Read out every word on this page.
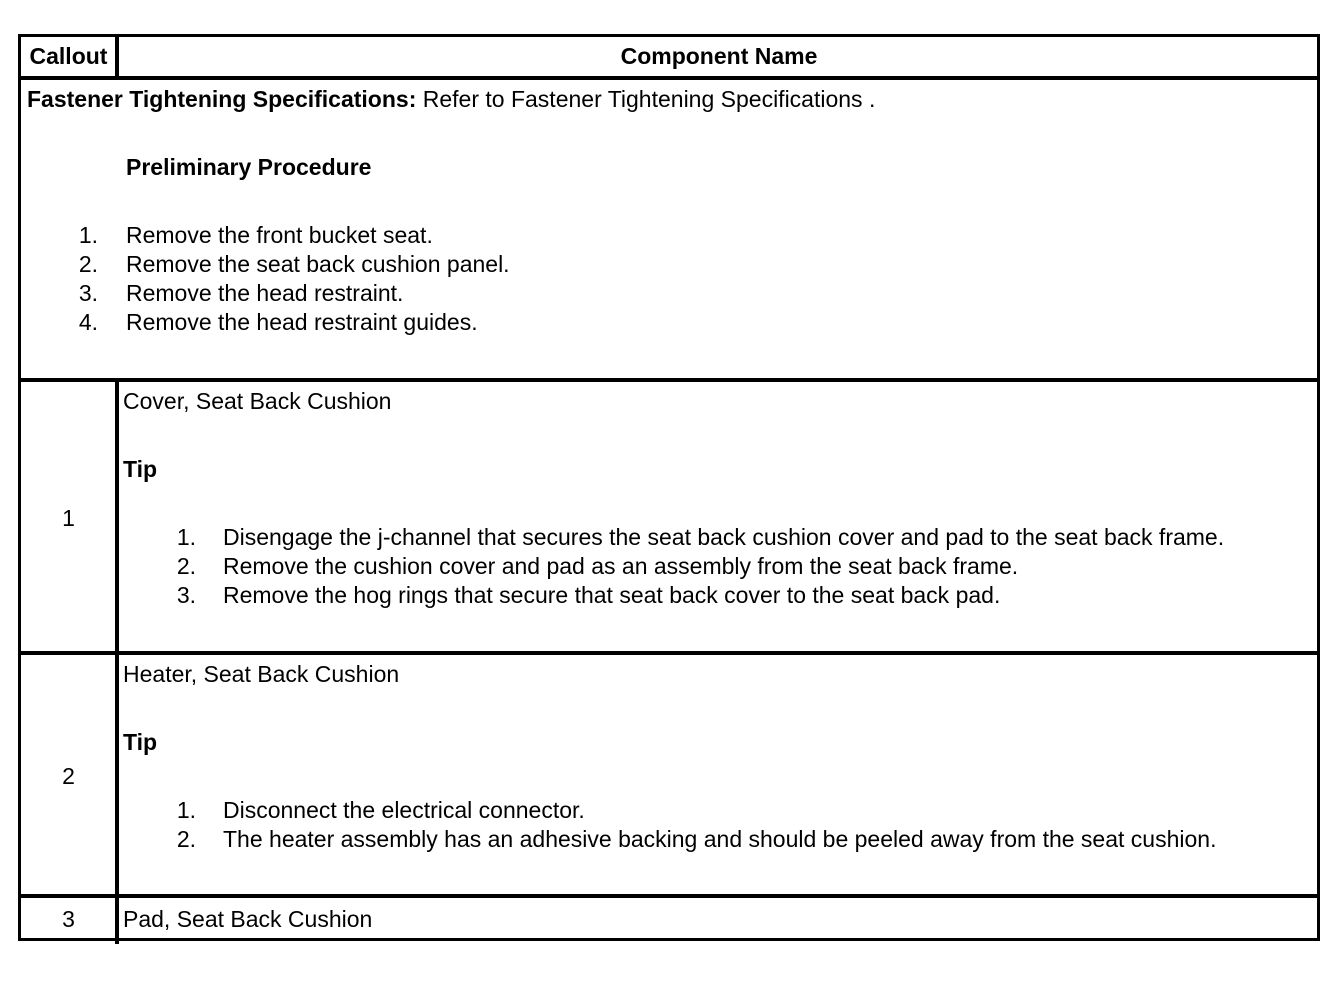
Callout	Component Name
Fastener Tightening Specifications: Refer to Fastener Tightening Specifications .
Preliminary Procedure
1. Remove the front bucket seat.
2. Remove the seat back cushion panel.
3. Remove the head restraint.
4. Remove the head restraint guides.
1
Cover, Seat Back Cushion
Tip
1. Disengage the j-channel that secures the seat back cushion cover and pad to the seat back frame.
2. Remove the cushion cover and pad as an assembly from the seat back frame.
3. Remove the hog rings that secure that seat back cover to the seat back pad.
2
Heater, Seat Back Cushion
Tip
1. Disconnect the electrical connector.
2. The heater assembly has an adhesive backing and should be peeled away from the seat cushion.
3	Pad, Seat Back Cushion
